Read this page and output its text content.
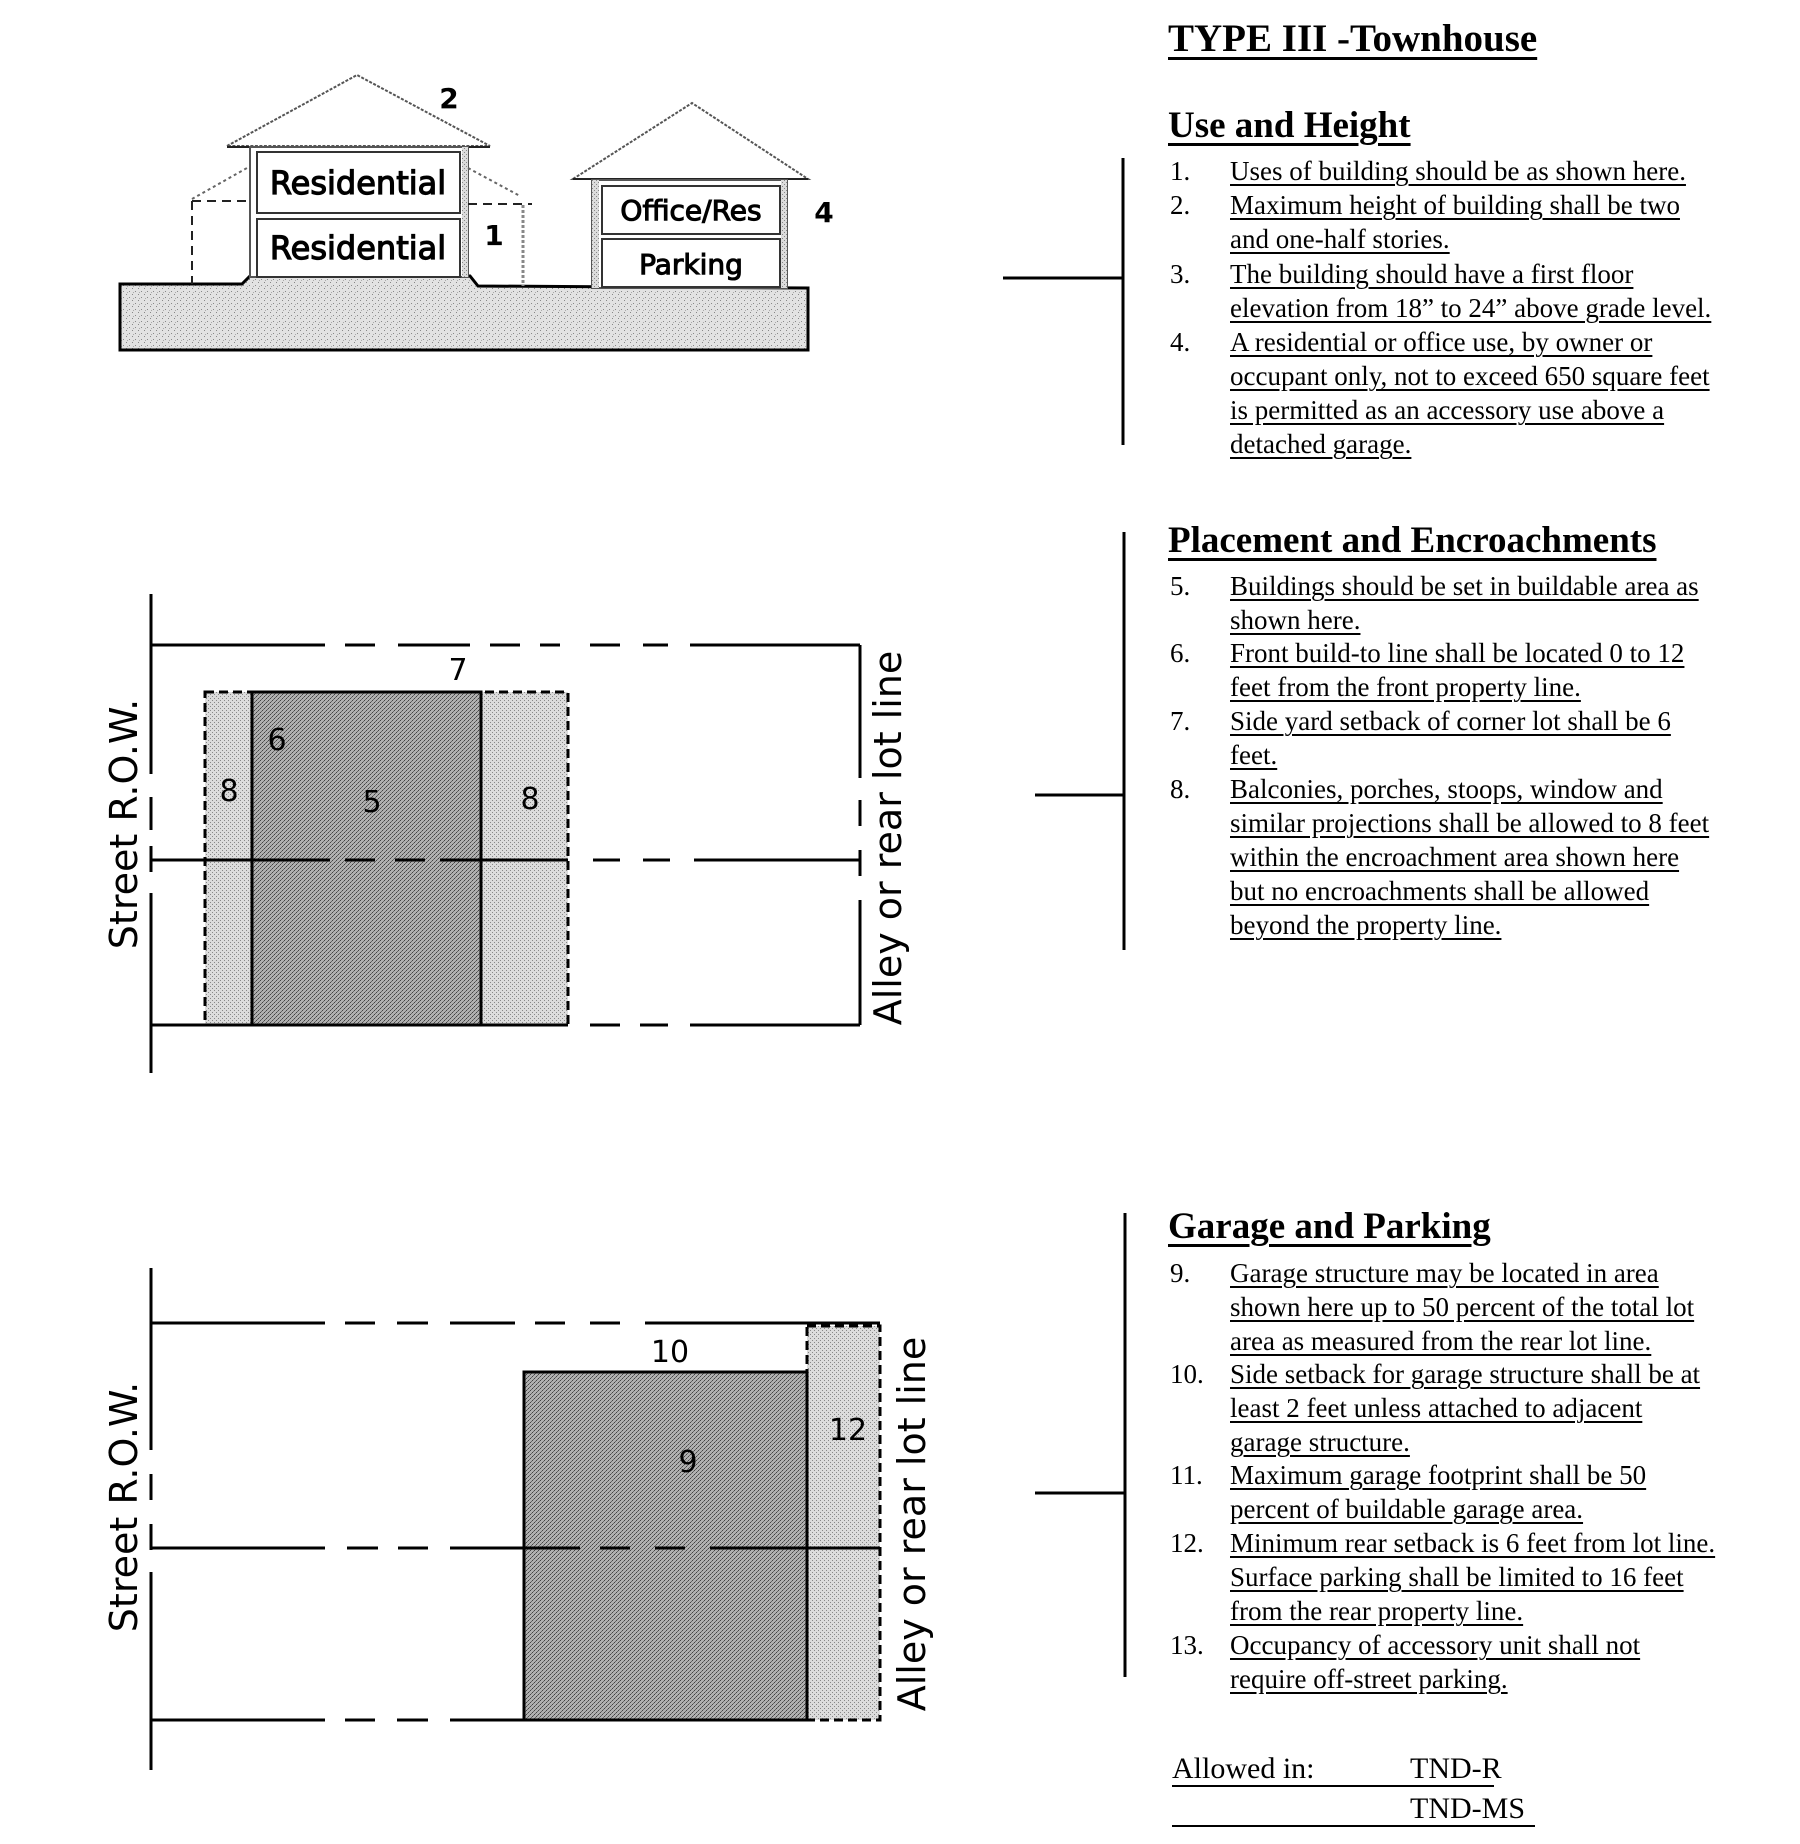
Residential
Residential 1
2
Office/Res
Parking
4
Street R.O.W.	Alley or rear lot line
5
6
7
8	8
Street R.O.W.	Alley or rear lot line
9
10
12
TYPE III -Townhouse
Use and Height
Placement and Encroachments
Garage and Parking
1. Uses of building should be as shown here.
2. Maximum height of building shall be two
and one-half stories.
3. The building should have a first floor
elevation from 18” to 24” above grade level.
4. A residential or office use, by owner or
occupant only, not to exceed 650 square feet
is permitted as an accessory use above a
detached garage.
5. Buildings should be set in buildable area as
shown here.
6. Front build-to line shall be located 0 to 12
feet from the front property line.
7. Side yard setback of corner lot shall be 6
feet.
8. Balconies, porches, stoops, window and
similar projections shall be allowed to 8 feet
within the encroachment area shown here
but no encroachments shall be allowed
beyond the property line.
9. Garage structure may be located in area
shown here up to 50 percent of the total lot
area as measured from the rear lot line.
10. Side setback for garage structure shall be at
least 2 feet unless attached to adjacent
garage structure.
11. Maximum garage footprint shall be 50
percent of buildable garage area.
12. Minimum rear setback is 6 feet from lot line.
Surface parking shall be limited to 16 feet
from the rear property line.
13. Occupancy of accessory unit shall not
require off-street parking.
Allowed in:	TND-R
TND-MS
